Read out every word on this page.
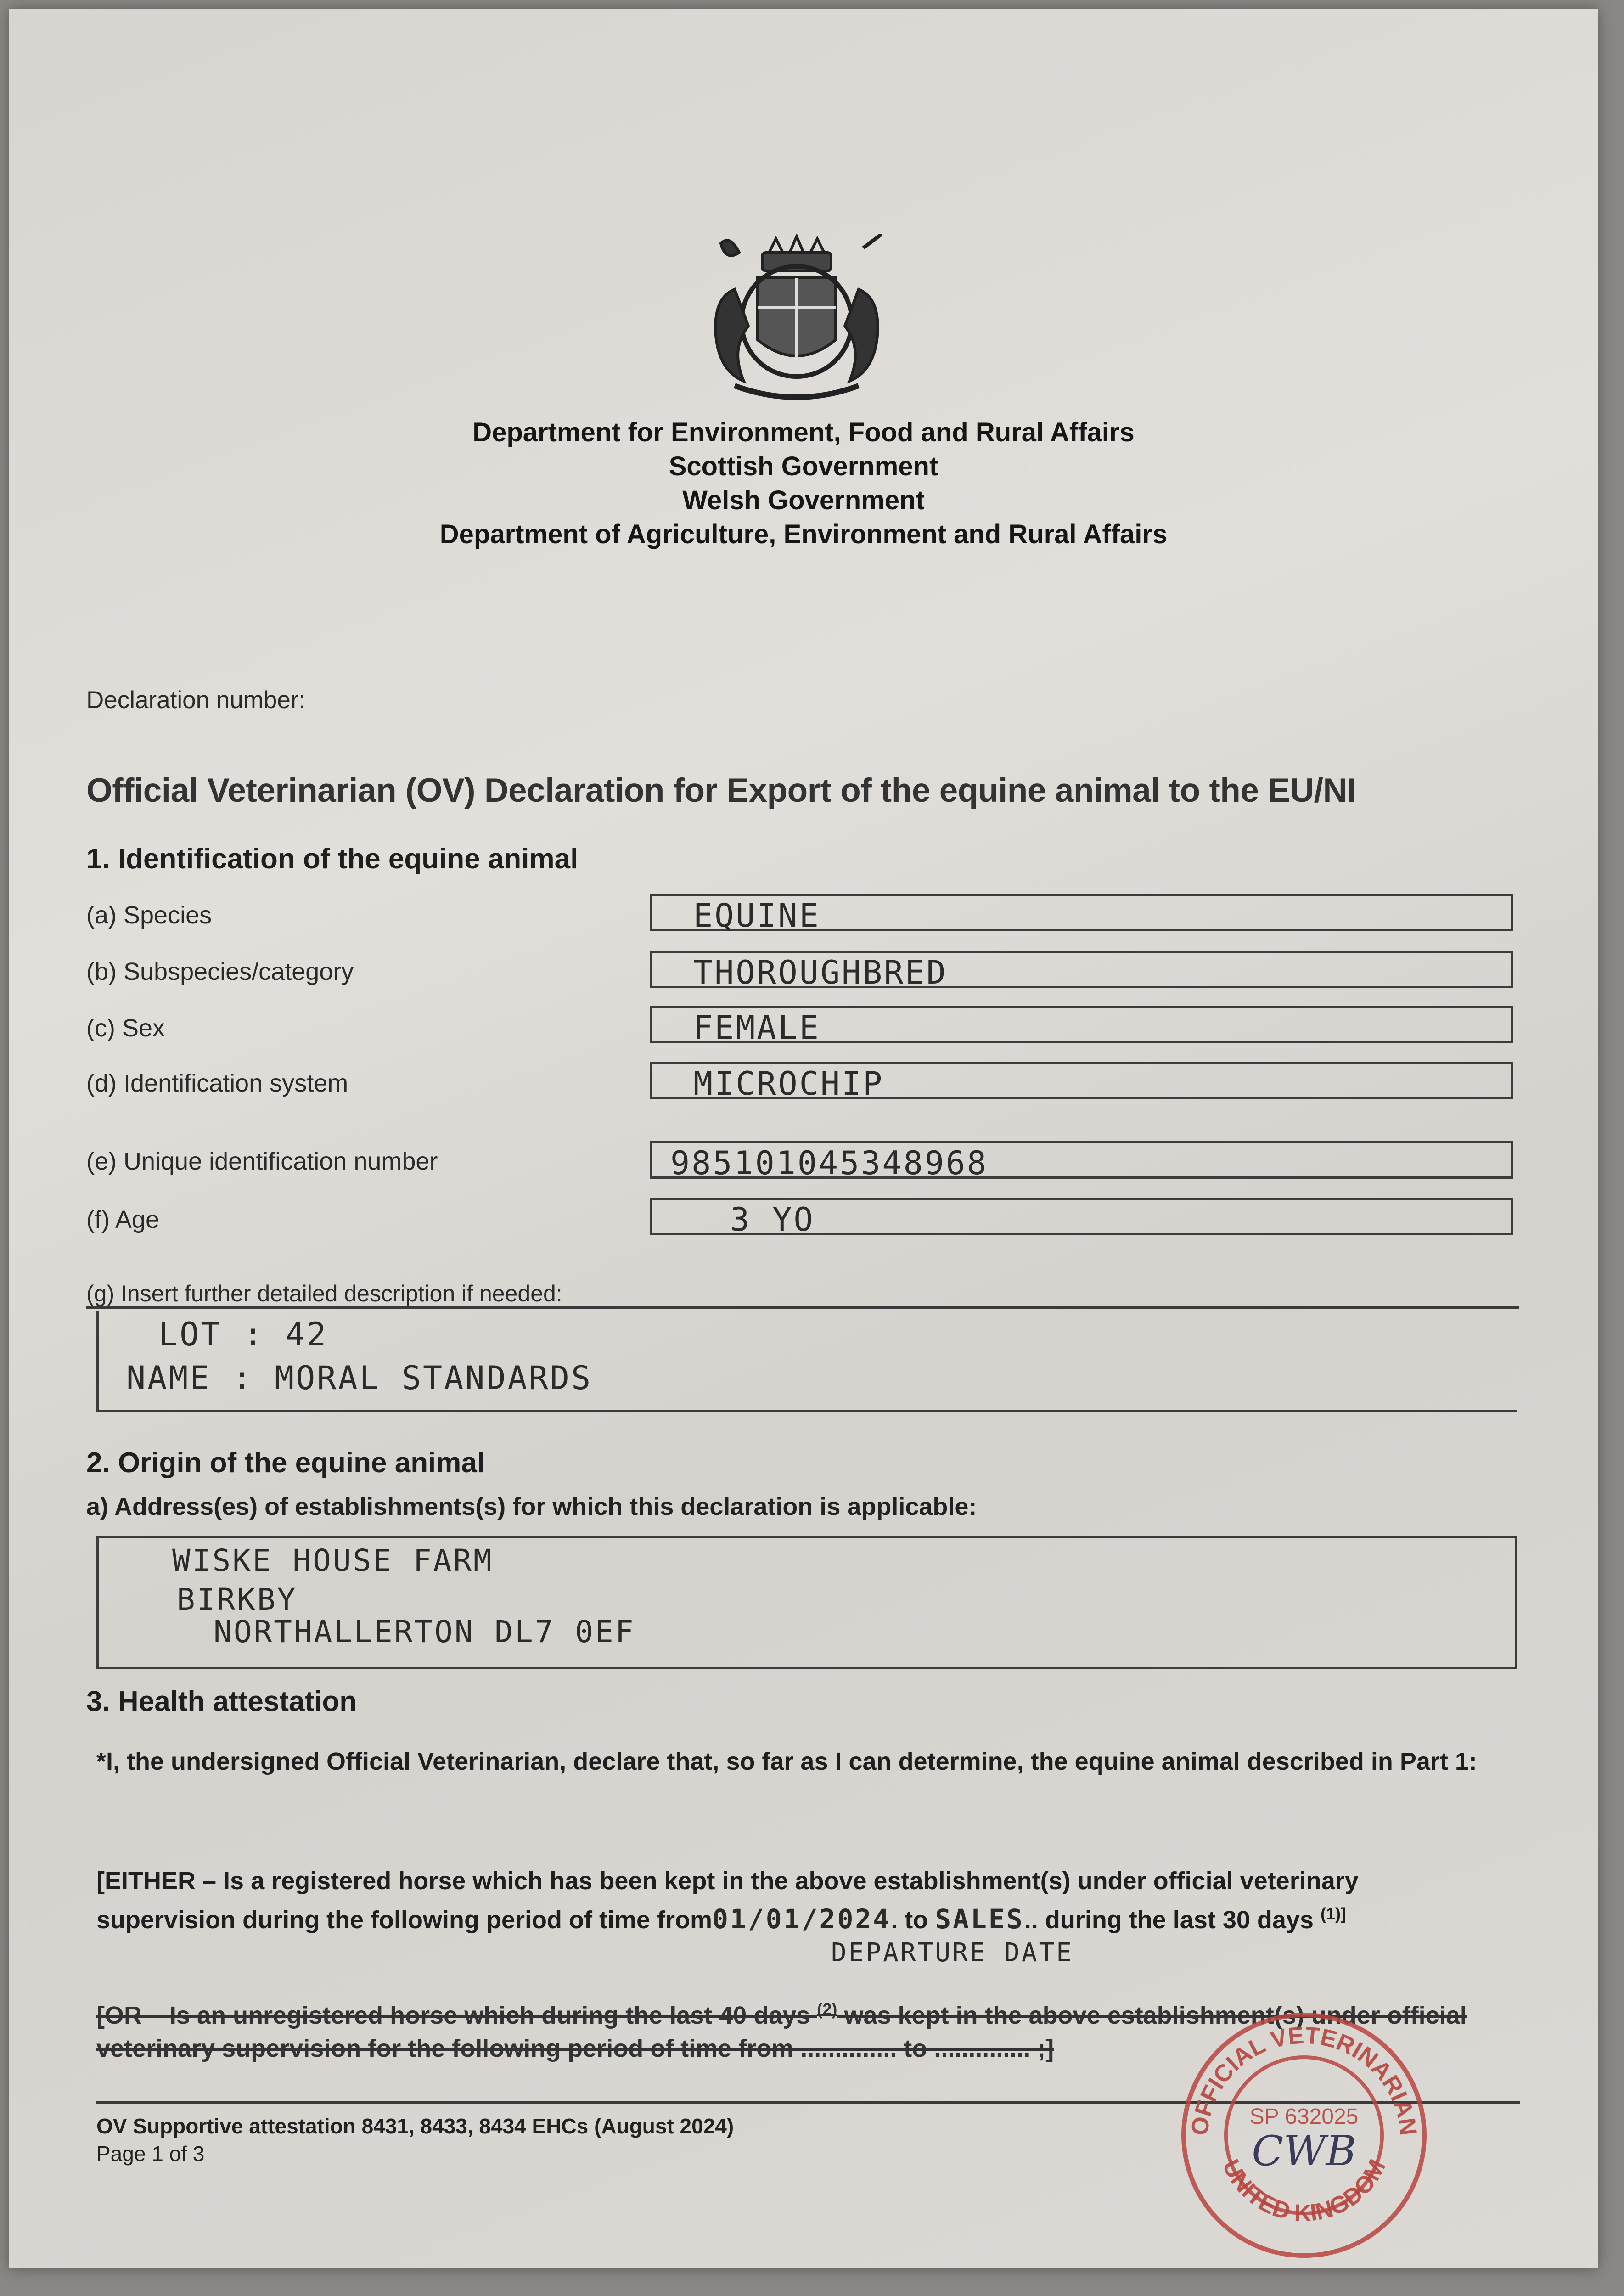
Department for Environment, Food and Rural Affairs
Scottish Government
Welsh Government
Department of Agriculture, Environment and Rural Affairs
Declaration number:
Official Veterinarian (OV) Declaration for Export of the equine animal to the EU/NI
1. Identification of the equine animal
(a) Species	EQUINE
(b) Subspecies/category	THOROUGHBRED
(c) Sex	FEMALE
(d) Identification system	MICROCHIP
(e) Unique identification number	985101045348968
(f) Age	3 YO
(g) Insert further detailed description if needed:
LOT : 42
NAME : MORAL STANDARDS
2. Origin of the equine animal
a) Address(es) of establishments(s) for which this declaration is applicable:
WISKE HOUSE FARM
BIRKBY
NORTHALLERTON DL7 0EF
3. Health attestation
*I, the undersigned Official Veterinarian, declare that, so far as I can determine, the equine animal described in Part 1:
[EITHER – Is a registered horse which has been kept in the above establishment(s) under official veterinary
supervision during the following period of time from01/01/2024. to SALES.. during the last 30 days $^{(1)]}$
DEPARTURE DATE
[OR – Is an unregistered horse which during the last 40 days $^{(2)}$ was kept in the above establishment(s) under official
veterinary supervision for the following period of time from .............. to .............. ;]
OV Supportive attestation 8431, 8433, 8434 EHCs (August 2024)
Page 1 of 3
OFFICIAL VETERINARIAN
UNITED KINGDOM
SP 632025
CWB
